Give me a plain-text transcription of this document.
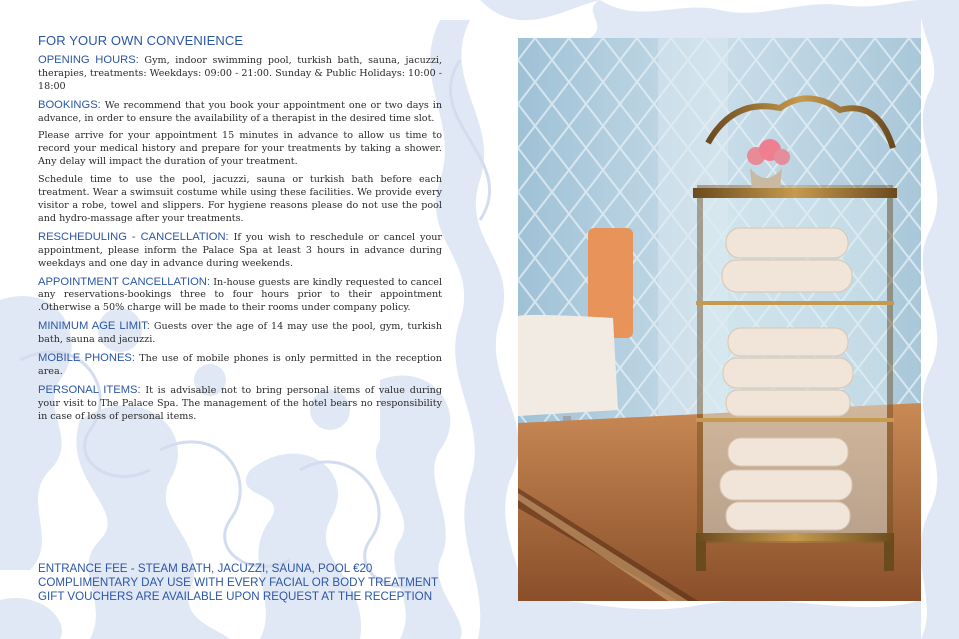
FOR YOUR OWN CONVENIENCE

OPENING HOURS: Gym, indoor swimming pool, turkish bath, sauna, jacuzzi, therapies, treatments: Weekdays: 09:00 - 21:00. Sunday & Public Holidays: 10:00 - 18:00

BOOKINGS: We recommend that you book your appointment one or two days in advance, in order to ensure the availability of a therapist in the desired time slot.

Please arrive for your appointment 15 minutes in advance to allow us time to record your medical history and prepare for your treatments by taking a shower. Any delay will impact the duration of your treatment.

Schedule time to use the pool, jacuzzi, sauna or turkish bath before each treatment. Wear a swimsuit costume while using these facilities. We provide every visitor a robe, towel and slippers. For hygiene reasons please do not use the pool and hydro-massage after your treatments.

RESCHEDULING - CANCELLATION: If you wish to reschedule or cancel your appointment, please inform the Palace Spa at least 3 hours in advance during weekdays and one day in advance during weekends.

APPOINTMENT CANCELLATION: In-house guests are kindly requested to cancel any reservations-bookings three to four hours prior to their appointment .Otherwise a 50% charge will be made to their rooms under company policy.

MINIMUM AGE LIMIT: Guests over the age of 14 may use the pool, gym, turkish bath, sauna and jacuzzi.

MOBILE PHONES: The use of mobile phones is only permitted in the reception area.

PERSONAL ITEMS: It is advisable not to bring personal items of value during your visit to The Palace Spa. The management of the hotel bears no responsibility in case of loss of personal items.

ENTRANCE FEE - STEAM BATH, JACUZZI, SAUNA, POOL €20
COMPLIMENTARY DAY USE WITH EVERY FACIAL OR BODY TREATMENT
GIFT VOUCHERS ARE AVAILABLE UPON REQUEST AT THE RECEPTION
